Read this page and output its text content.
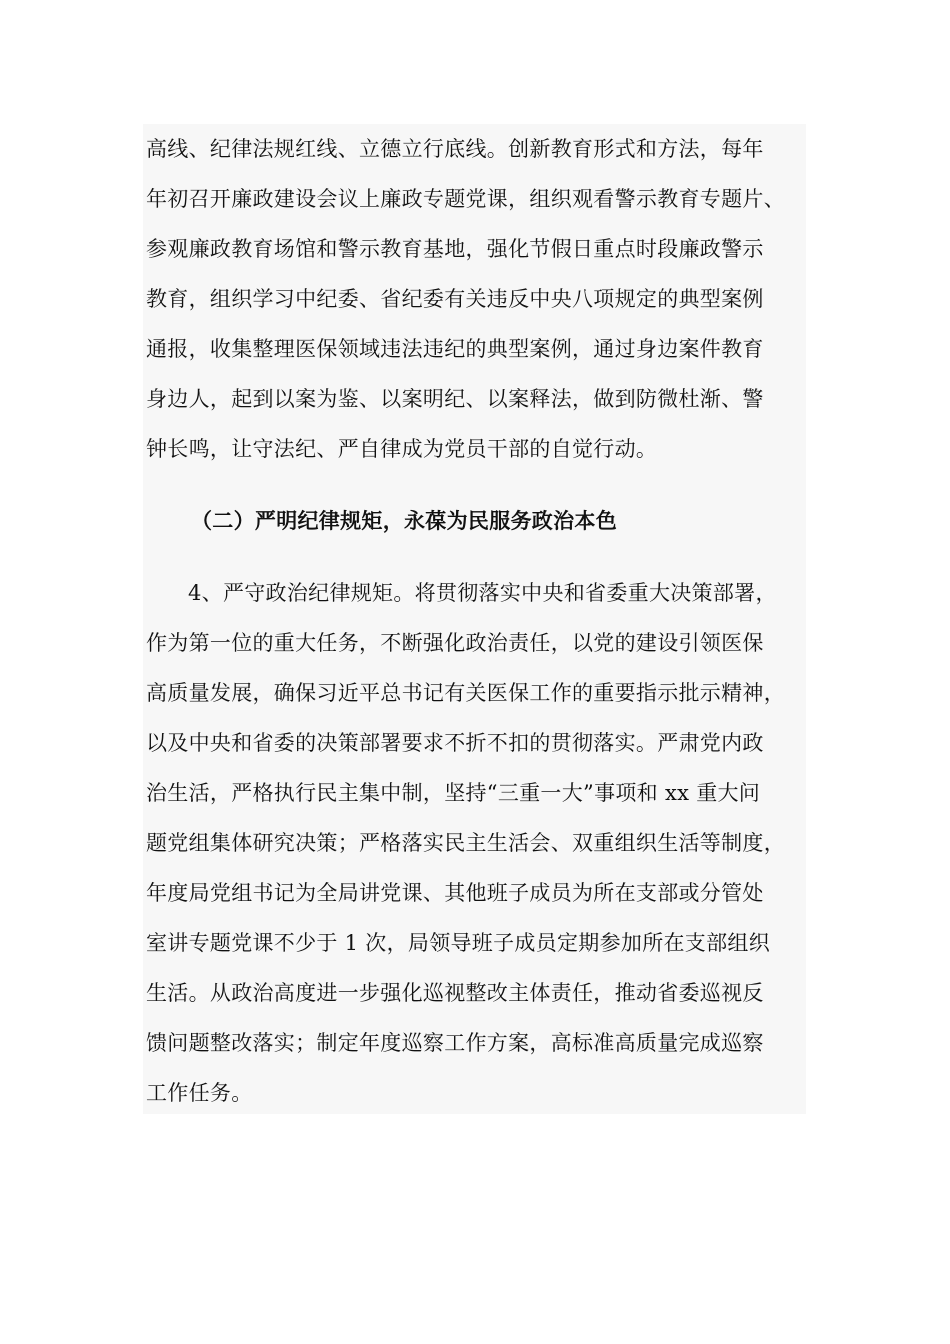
高线、纪律法规红线、立德立行底线。创新教育形式和方法，每年
年初召开廉政建设会议上廉政专题党课，组织观看警示教育专题片、
参观廉政教育场馆和警示教育基地，强化节假日重点时段廉政警示
教育，组织学习中纪委、省纪委有关违反中央八项规定的典型案例
通报，收集整理医保领域违法违纪的典型案例，通过身边案件教育
身边人，起到以案为鉴、以案明纪、以案释法，做到防微杜渐、警
钟长鸣，让守法纪、严自律成为党员干部的自觉行动。
（二）严明纪律规矩，永葆为民服务政治本色
4、严守政治纪律规矩。将贯彻落实中央和省委重大决策部署，
作为第一位的重大任务，不断强化政治责任，以党的建设引领医保
高质量发展，确保习近平总书记有关医保工作的重要指示批示精神，
以及中央和省委的决策部署要求不折不扣的贯彻落实。严肃党内政
治生活，严格执行民主集中制，坚持“三重一大”事项和 xx 重大问
题党组集体研究决策；严格落实民主生活会、双重组织生活等制度，
年度局党组书记为全局讲党课、其他班子成员为所在支部或分管处
室讲专题党课不少于 1 次，局领导班子成员定期参加所在支部组织
生活。从政治高度进一步强化巡视整改主体责任，推动省委巡视反
馈问题整改落实；制定年度巡察工作方案，高标准高质量完成巡察
工作任务。
